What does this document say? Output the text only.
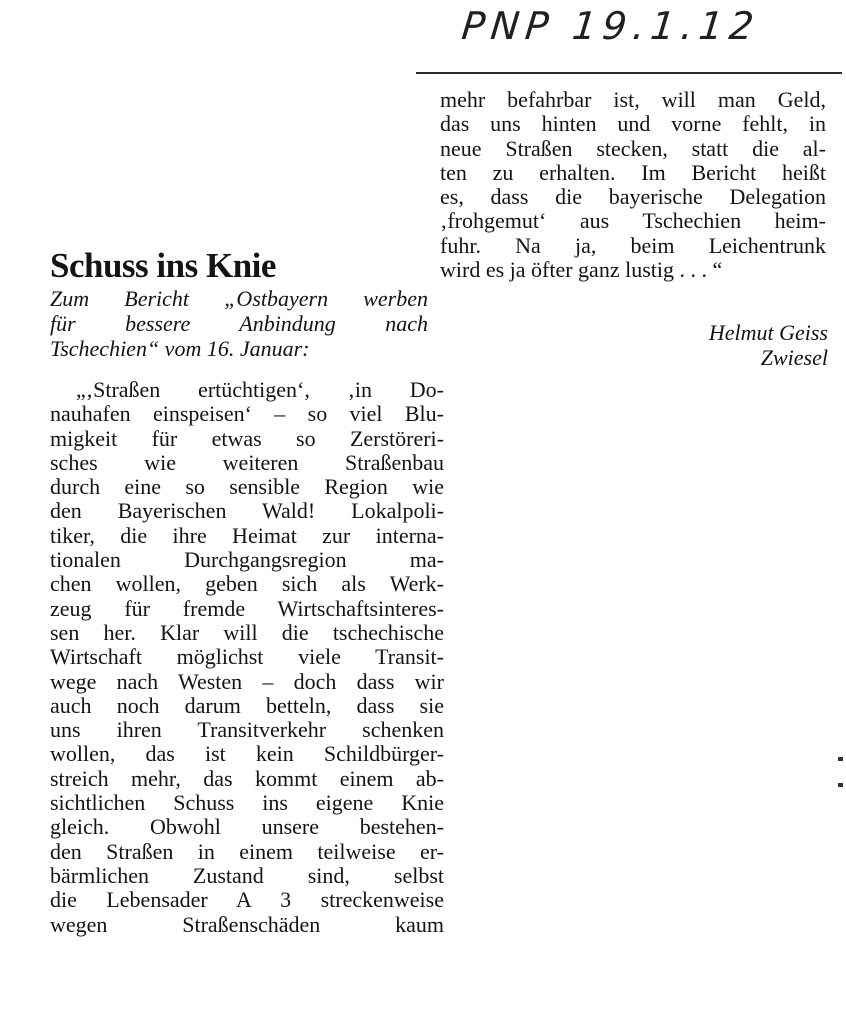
PNP 19.1.12
Schuss ins Knie
Zum Bericht „Ostbayern werben
für bessere Anbindung nach
Tschechien“ vom 16. Januar:
„‚Straßen ertüchtigen‘, ‚in Do-
nauhafen einspeisen‘ – so viel Blu-
migkeit für etwas so Zerstöreri-
sches wie weiteren Straßenbau
durch eine so sensible Region wie
den Bayerischen Wald! Lokalpoli-
tiker, die ihre Heimat zur interna-
tionalen Durchgangsregion ma-
chen wollen, geben sich als Werk-
zeug für fremde Wirtschaftsinteres-
sen her. Klar will die tschechische
Wirtschaft möglichst viele Transit-
wege nach Westen – doch dass wir
auch noch darum betteln, dass sie
uns ihren Transitverkehr schenken
wollen, das ist kein Schildbürger-
streich mehr, das kommt einem ab-
sichtlichen Schuss ins eigene Knie
gleich. Obwohl unsere bestehen-
den Straßen in einem teilweise er-
bärmlichen Zustand sind, selbst
die Lebensader A 3 streckenweise
wegen Straßenschäden kaum
mehr befahrbar ist, will man Geld,
das uns hinten und vorne fehlt, in
neue Straßen stecken, statt die al-
ten zu erhalten. Im Bericht heißt
es, dass die bayerische Delegation
‚frohgemut‘ aus Tschechien heim-
fuhr. Na ja, beim Leichentrunk
wird es ja öfter ganz lustig . . . “
Helmut Geiss
Zwiesel
